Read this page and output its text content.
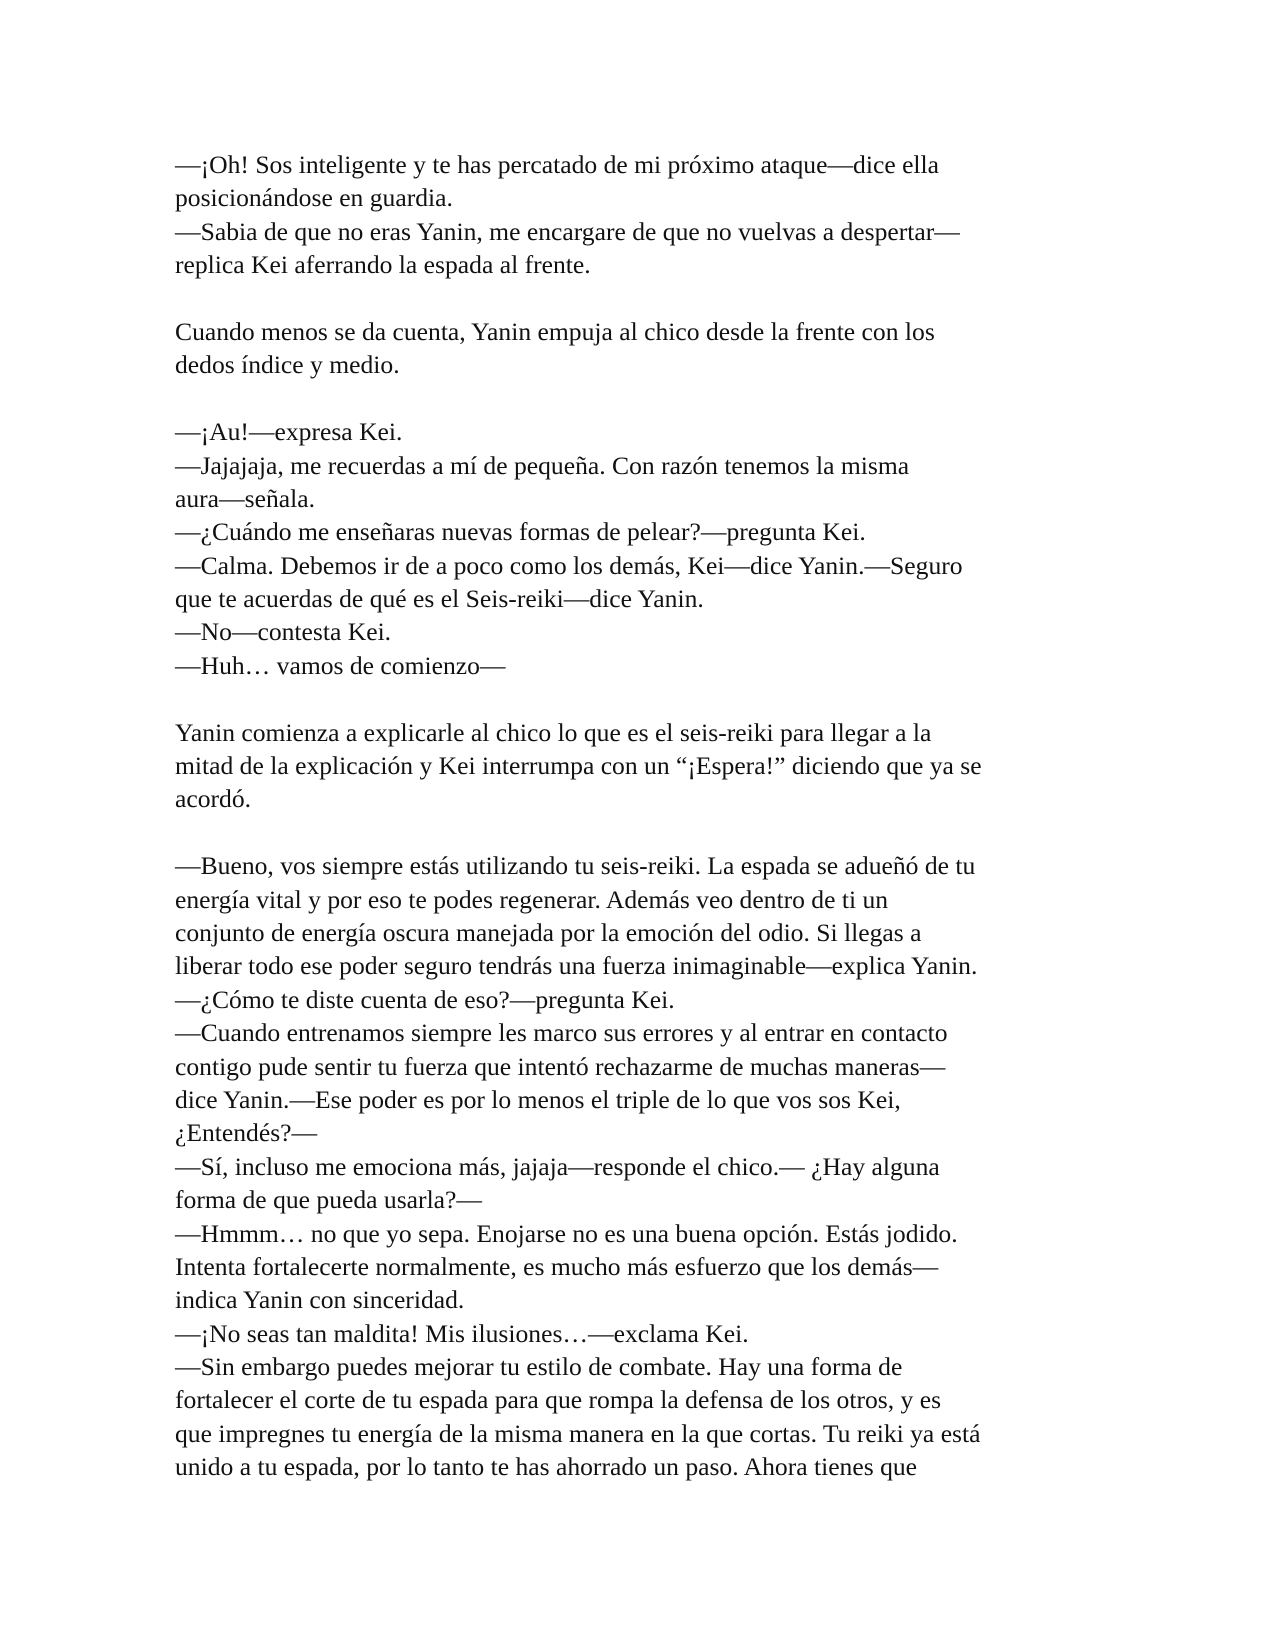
—¡Oh! Sos inteligente y te has percatado de mi próximo ataque—dice ella
posicionándose en guardia.
—Sabia de que no eras Yanin, me encargare de que no vuelvas a despertar—
replica Kei aferrando la espada al frente.
Cuando menos se da cuenta, Yanin empuja al chico desde la frente con los
dedos índice y medio.
—¡Au!—expresa Kei.
—Jajajaja, me recuerdas a mí de pequeña. Con razón tenemos la misma
aura—señala.
—¿Cuándo me enseñaras nuevas formas de pelear?—pregunta Kei.
—Calma. Debemos ir de a poco como los demás, Kei—dice Yanin.—Seguro
que te acuerdas de qué es el Seis-reiki—dice Yanin.
—No—contesta Kei.
—Huh… vamos de comienzo—
Yanin comienza a explicarle al chico lo que es el seis-reiki para llegar a la
mitad de la explicación y Kei interrumpa con un “¡Espera!” diciendo que ya se
acordó.
—Bueno, vos siempre estás utilizando tu seis-reiki. La espada se adueñó de tu
energía vital y por eso te podes regenerar. Además veo dentro de ti un
conjunto de energía oscura manejada por la emoción del odio. Si llegas a
liberar todo ese poder seguro tendrás una fuerza inimaginable—explica Yanin.
—¿Cómo te diste cuenta de eso?—pregunta Kei.
—Cuando entrenamos siempre les marco sus errores y al entrar en contacto
contigo pude sentir tu fuerza que intentó rechazarme de muchas maneras—
dice Yanin.—Ese poder es por lo menos el triple de lo que vos sos Kei,
¿Entendés?—
—Sí, incluso me emociona más, jajaja—responde el chico.— ¿Hay alguna
forma de que pueda usarla?—
—Hmmm… no que yo sepa. Enojarse no es una buena opción. Estás jodido.
Intenta fortalecerte normalmente, es mucho más esfuerzo que los demás—
indica Yanin con sinceridad.
—¡No seas tan maldita! Mis ilusiones…—exclama Kei.
—Sin embargo puedes mejorar tu estilo de combate. Hay una forma de
fortalecer el corte de tu espada para que rompa la defensa de los otros, y es
que impregnes tu energía de la misma manera en la que cortas. Tu reiki ya está
unido a tu espada, por lo tanto te has ahorrado un paso. Ahora tienes que
